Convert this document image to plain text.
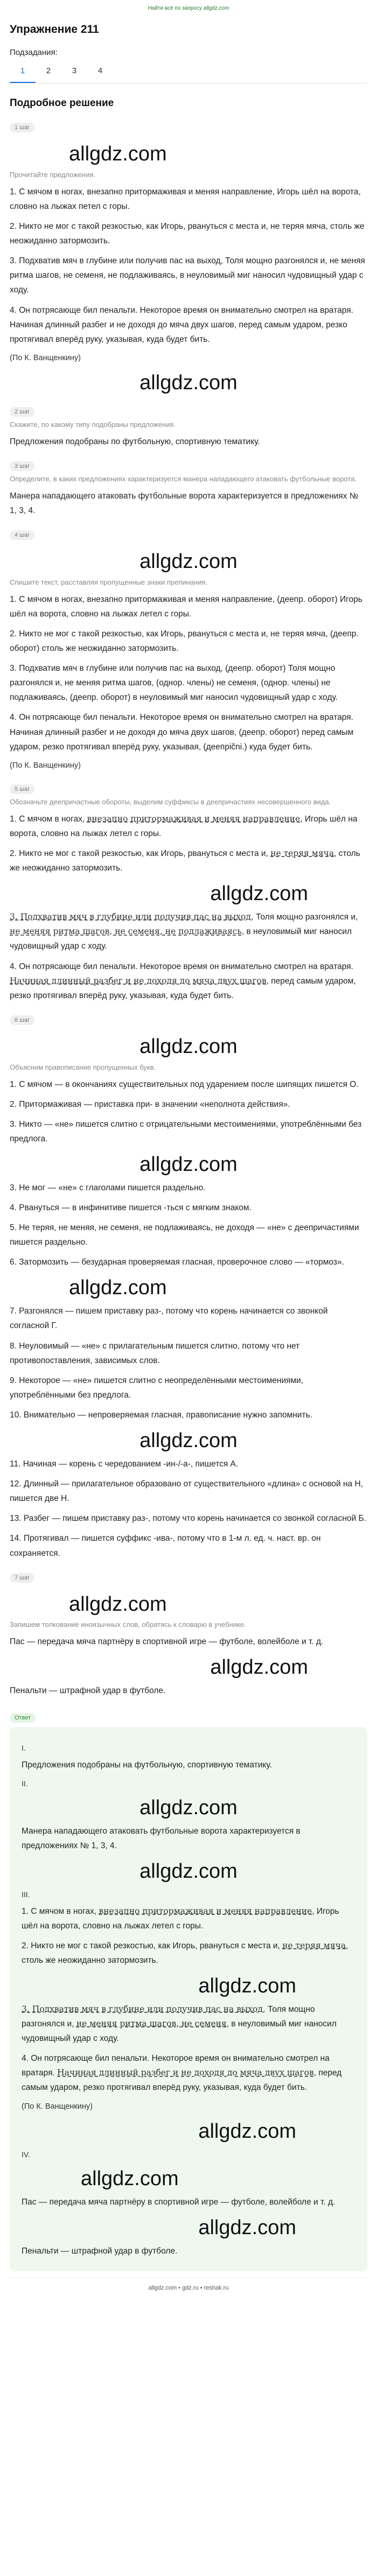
Найти всё по запросу allgdz.com
Упражнение 211
Подзадания:
1	2	3	4
Подробное решение
1 шаг
allgdz.com
Прочитайте предложения.

1. С мячом в ногах, внезапно притормаживая и меняя направление, Игорь шёл на ворота, словно на лыжах петел с горы.

2. Никто не мог с такой резкостью, как Игорь, рвануться с места и, не теряя мяча, столь же неожиданно затормозить.

3. Подхватив мяч в глубине или получив пас на выход, Толя мощно разгонялся и, не меняя ритма шагов, не семеня, не подлаживаясь, в неуловимый миг наносил чудовищный удар с ходу.

4. Он потрясающе бил пенальти. Некоторое время он внимательно смотрел на вратаря. Начиная длинный разбег и не доходя до мяча двух шагов, перед самым ударом, резко протягивал вперёд руку, указывая, куда будет бить.

(По К. Ванщенкину)
allgdz.com
2 шаг
Скажите, по какому типу подобраны предложения.

Предложения подобраны по футбольную, спортивную тематику.

3 шаг
Определите, в каких предложениях характеризуется манера нападающего атаковать футбольные ворота.

Манера нападающего атаковать футбольные ворота характеризуется в предложениях № 1, 3, 4.

4 шаг
allgdz.com
Спишите текст, расставляя пропущенные знаки препинания.

1. С мячом в ногах, внезапно притормаживая и меняя направление, (деепр. оборот) Игорь шёл на ворота, словно на лыжах летел с горы.

2. Никто не мог с такой резкостью, как Игорь, рвануться с места и, не теряя мяча, (деепр. оборот) столь же неожиданно затормозить.

3. Подхватив мяч в глубине или получив пас на выход, (деепр. оборот) Толя мощно разгонялся и, не меняя ритма шагов, (однор. члены) не семеня, (однор. члены) не подлаживаясь, (деепр. оборот) в неуловимый миг наносил чудовищный удар с ходу.

4. Он потрясающе бил пенальти. Некоторое время он внимательно смотрел на вратаря. Начиная длинный разбег и не доходя до мяча двух шагов, (деепр. оборот) перед самым ударом, резко протягивал вперёд руку, указывая, (деепрični.) куда будет бить.

(По К. Ванщенкину)
5 шаг
Обозначьте деепричастные обороты, выделим суффиксы в деепричастиях несовершенного вида.

1. С мячом в ногах, внезапно притормаживая и меняя направление, Игорь шёл на ворота, словно на лыжах летел с горы.

2. Никто не мог с такой резкостью, как Игорь, рвануться с места и, не теряя мяча, столь же неожиданно затормозить.

allgdz.com

3. Подхватив мяч в глубине или получив пас на выход, Толя мощно разгонялся и, не меняя ритма шагов, не семеня, не подлаживаясь, в неуловимый миг наносил чудовищный удар с ходу.

4. Он потрясающе бил пенальти. Некоторое время он внимательно смотрел на вратаря. Начиная длинный разбег и не доходя до мяча двух шагов, перед самым ударом, резко протягивал вперёд руку, указывая, куда будет бить.

6 шаг
allgdz.com
Объясним правописание пропущенных букв.

1. С мячом — в окончаниях существительных под ударением после шипящих пишется О.

2. Притормаживая — приставка при- в значении «неполнота действия».

3. Никто — «не» пишется слитно с отрицательными местоимениями, употреблёнными без предлога.

allgdz.com

3. Не мог — «не» с глаголами пишется раздельно.

4. Рвануться — в инфинитиве пишется -ться с мягким знаком.

5. Не теряя, не меняя, не семеня, не подлаживаясь, не доходя — «не» с деепричастиями пишется раздельно.

6. Затормозить — безударная проверяемая гласная, проверочное слово — «тормоз».

allgdz.com

7. Разгонялся — пишем приставку раз-, потому что корень начинается со звонкой согласной Г.

8. Неуловимый — «не» с прилагательным пишется слитно, потому что нет противопоставления, зависимых слов.

9. Некоторое — «не» пишется слитно с неопределёнными местоимениями, употреблёнными без предлога.

10. Внимательно — непроверяемая гласная, правописание нужно запомнить.

allgdz.com

11. Начиная — корень с чередованием -ин-/-а-, пишется А.

12. Длинный — прилагательное образовано от существительного «длина» с основой на Н, пишется две Н.

13. Разбег — пишем приставку раз-, потому что корень начинается со звонкой согласной Б.

14. Протягивал — пишется суффикс -ива-, потому что в 1-м л. ед. ч. наст. вр. он сохраняется.

7 шаг
allgdz.com
Запишем толкование иноязычных слов, обратясь к словарю в учебнике.

Пас — передача мяча партнёру в спортивной игре — футболе, волейболе и т. д.

allgdz.com

Пенальти — штрафной удар в футболе.

Ответ
I.

Предложения подобраны на футбольную, спортивную тематику.

II.
allgdz.com

Манера нападающего атаковать футбольные ворота характеризуется в предложениях № 1, 3, 4.

allgdz.com
III.

1. С мячом в ногах, внезапно притормаживая и меняя направление, Игорь шёл на ворота, словно на лыжах летел с горы.

2. Никто не мог с такой резкостью, как Игорь, рвануться с места и, не теряя мяча, столь же неожиданно затормозить.

allgdz.com

3. Подхватив мяч в глубине или получив пас на выход, Толя мощно разгонялся и, не меняя ритма шагов, не семеня, в неуловимый миг наносил чудовищный удар с ходу.

4. Он потрясающе бил пенальти. Некоторое время он внимательно смотрел на вратаря. Начиная длинный разбег и не доходя до мяча двух шагов, перед самым ударом, резко протягивал вперёд руку, указывая, куда будет бить.

(По К. Ванщенкину)
allgdz.com
IV.
allgdz.com

Пас — передача мяча партнёру в спортивной игре — футболе, волейболе и т. д.

allgdz.com

Пенальти — штрафной удар в футболе.

allgdz.com • gdz.ru • reshak.ru
